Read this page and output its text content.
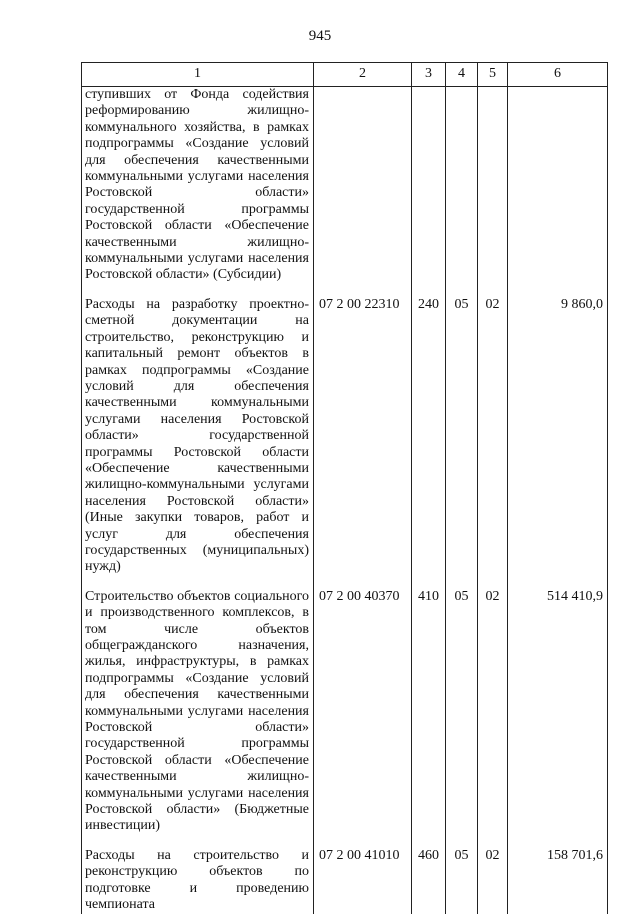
945
1	2	3	4	5	6
ступивших от Фонда содействия реформированию жилищно-коммунального хозяйства, в рамках подпрограммы «Создание условий для обеспечения качественными коммунальными услугами населения Ростовской области» государственной программы Ростовской области «Обеспечение качественными жилищно-коммунальными услугами населения Ростовской области» (Субсидии)					

Расходы на разработку проектно-сметной документации на строительство, реконструкцию и капитальный ремонт объектов в рамках подпрограммы «Создание условий для обеспечения качественными коммунальными услугами населения Ростовской области» государственной программы Ростовской области «Обеспечение качественными жилищно-коммунальными услугами населения Ростовской области» (Иные закупки товаров, работ и услуг для обеспечения государственных (муниципальных) нужд)	07 2 00 22310	240	05	02	9 860,0

Строительство объектов социального и производственного комплексов, в том числе объектов общегражданского назначения, жилья, инфраструктуры, в рамках подпрограммы «Создание условий для обеспечения качественными коммунальными услугами населения Ростовской области» государственной программы Ростовской области «Обеспечение качественными жилищно-коммунальными услугами населения Ростовской области» (Бюджетные инвестиции)	07 2 00 40370	410	05	02	514 410,9

Расходы на строительство и реконструкцию объектов по подготовке и проведению чемпионата	07 2 00 41010	460	05	02	158 701,6
